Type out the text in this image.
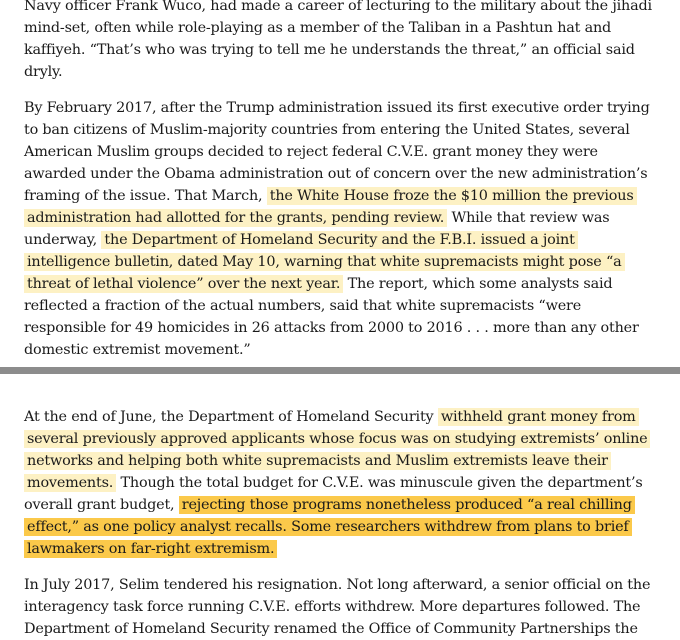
Navy officer Frank Wuco, had made a career of lecturing to the military about the jihadi mind-set, often while role-playing as a member of the Taliban in a Pashtun hat and kaffiyeh. “That’s who was trying to tell me he understands the threat,” an official said dryly.

By February 2017, after the Trump administration issued its first executive order trying to ban citizens of Muslim-majority countries from entering the United States, several American Muslim groups decided to reject federal C.V.E. grant money they were awarded under the Obama administration out of concern over the new administration’s framing of the issue. That March, the White House froze the $10 million the previous administration had allotted for the grants, pending review. While that review was underway, the Department of Homeland Security and the F.B.I. issued a joint intelligence bulletin, dated May 10, warning that white supremacists might pose “a threat of lethal violence” over the next year. The report, which some analysts said reflected a fraction of the actual numbers, said that white supremacists “were responsible for 49 homicides in 26 attacks from 2000 to 2016 . . . more than any other domestic extremist movement.”

At the end of June, the Department of Homeland Security withheld grant money from several previously approved applicants whose focus was on studying extremists’ online networks and helping both white supremacists and Muslim extremists leave their movements. Though the total budget for C.V.E. was minuscule given the department’s overall grant budget, rejecting those programs nonetheless produced “a real chilling effect,” as one policy analyst recalls. Some researchers withdrew from plans to brief lawmakers on far-right extremism.

In July 2017, Selim tendered his resignation. Not long afterward, a senior official on the interagency task force running C.V.E. efforts withdrew. More departures followed. The Department of Homeland Security renamed the Office of Community Partnerships the
